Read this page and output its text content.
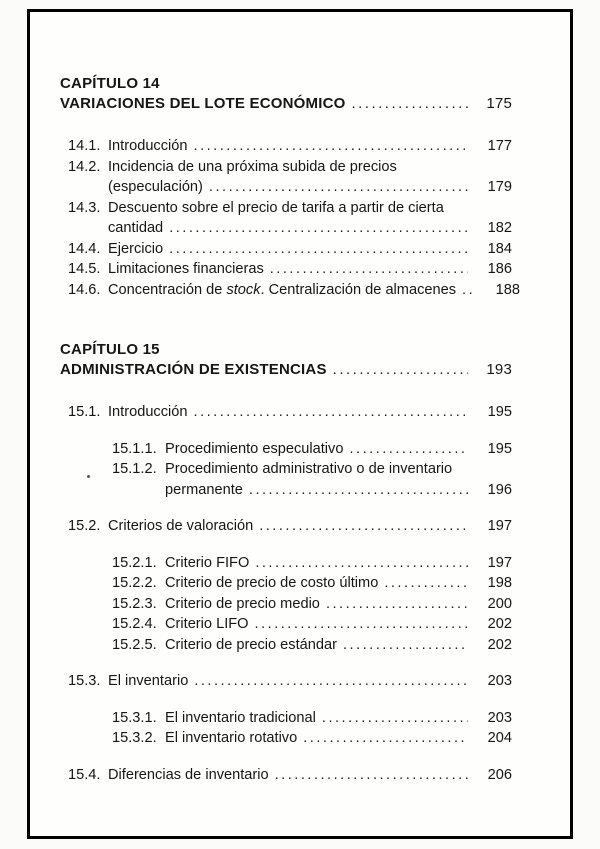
CAPÍTULO 14
VARIACIONES DEL LOTE ECONÓMICO .....	175
14.1. Introducción .....	177
14.2. Incidencia de una próxima subida de precios
(especulación) .....	179
14.3. Descuento sobre el precio de tarifa a partir de cierta
cantidad .....	182
14.4. Ejercicio .....	184
14.5. Limitaciones financieras .....	186
14.6. Concentración de stock. Centralización de almacenes .....	188
CAPÍTULO 15
ADMINISTRACIÓN DE EXISTENCIAS .....	193
15.1. Introducción .....	195
15.1.1. Procedimiento especulativo .....	195
15.1.2. Procedimiento administrativo o de inventario
permanente .....	196
15.2. Criterios de valoración .....	197
15.2.1. Criterio FIFO .....	197
15.2.2. Criterio de precio de costo último .....	198
15.2.3. Criterio de precio medio .....	200
15.2.4. Criterio LIFO .....	202
15.2.5. Criterio de precio estándar .....	202
15.3. El inventario .....	203
15.3.1. El inventario tradicional .....	203
15.3.2. El inventario rotativo .....	204
15.4. Diferencias de inventario .....	206
